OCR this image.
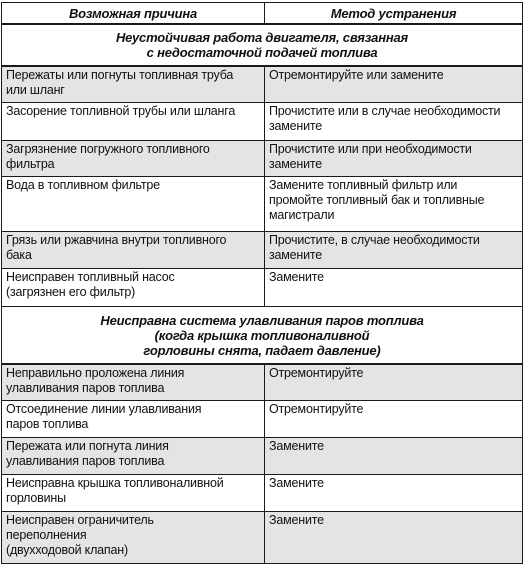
Возможная причина	Метод устранения

Неустойчивая работа двигателя, связанная
с недостаточной подачей топлива	

Пережаты или погнуты топливная труба
или шланг	Отремонтируйте или замените

Засорение топливной трубы или шланга	Прочистите или в случае необходимости
замените

Загрязнение погружного топливного
фильтра	Прочистите или при необходимости
замените

Вода в топливном фильтре	Замените топливный фильтр или
промойте топливный бак и топливные
магистрали

Грязь или ржавчина внутри топливного
бака	Прочистите, в случае необходимости
замените

Неисправен топливный насос
(загрязнен его фильтр)	Замените

Неисправна система улавливания паров топлива
(когда крышка топливоналивной
горловины снята, падает давление)	

Неправильно проложена линия
улавливания паров топлива	Отремонтируйте

Отсоединение линии улавливания
паров топлива	Отремонтируйте

Пережата или погнута линия
улавливания паров топлива	Замените

Неисправна крышка топливоналивной
горловины	Замените

Неисправен ограничитель
переполнения
(двухходовой клапан)	Замените
